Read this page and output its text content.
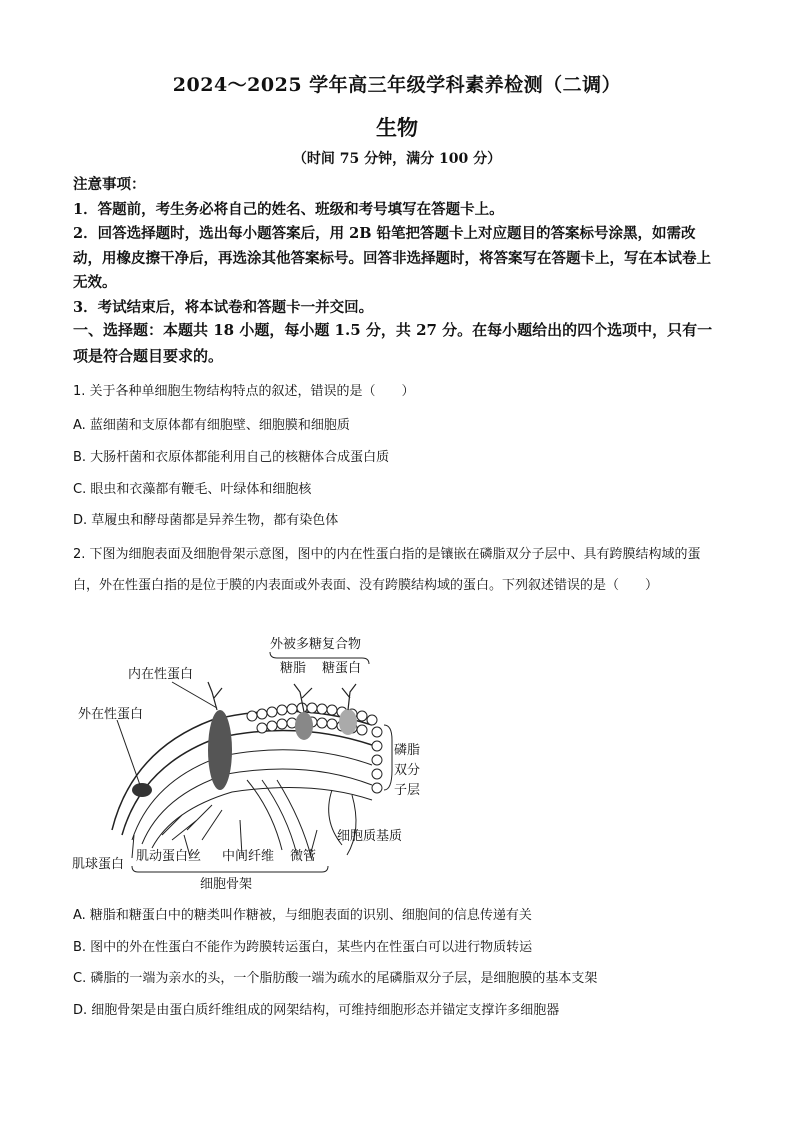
2024～2025 学年高三年级学科素养检测（二调）
生物
（时间 75 分钟，满分 100 分）

注意事项：

1．答题前，考生务必将自己的姓名、班级和考号填写在答题卡上。

2．回答选择题时，选出每小题答案后，用 2B 铅笔把答题卡上对应题目的答案标号涂黑，如需改动，用橡皮擦干净后，再选涂其他答案标号。回答非选择题时，将答案写在答题卡上，写在本试卷上无效。

3．考试结束后，将本试卷和答题卡一并交回。

一、选择题：本题共 18 小题，每小题 1.5 分，共 27 分。在每小题给出的四个选项中，只有一项是符合题目要求的。
1. 关于各种单细胞生物结构特点的叙述，错误的是（　　）
A. 蓝细菌和支原体都有细胞壁、细胞膜和细胞质
B. 大肠杆菌和衣原体都能利用自己的核糖体合成蛋白质
C. 眼虫和衣藻都有鞭毛、叶绿体和细胞核
D. 草履虫和酵母菌都是异养生物，都有染色体
2. 下图为细胞表面及细胞骨架示意图，图中的内在性蛋白指的是镶嵌在磷脂双分子层中、具有跨膜结构域的蛋白，外在性蛋白指的是位于膜的内表面或外表面、没有跨膜结构域的蛋白。下列叙述错误的是（　　）
外被多糖复合物
糖脂 糖蛋白
内在性蛋白
外在性蛋白
磷脂
双分
子层
细胞质基质
肌球蛋白
肌动蛋白丝 中间纤维 微管
细胞骨架
A. 糖脂和糖蛋白中的糖类叫作糖被，与细胞表面的识别、细胞间的信息传递有关
B. 图中的外在性蛋白不能作为跨膜转运蛋白，某些内在性蛋白可以进行物质转运
C. 磷脂的一端为亲水的头，一个脂肪酸一端为疏水的尾磷脂双分子层，是细胞膜的基本支架
D. 细胞骨架是由蛋白质纤维组成的网架结构，可维持细胞形态并锚定支撑许多细胞器
